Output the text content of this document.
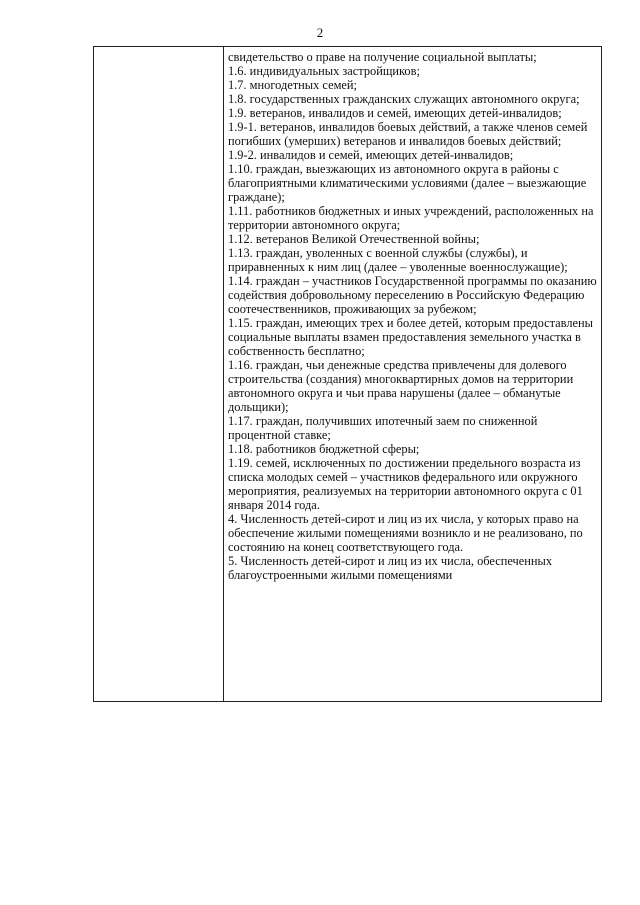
2

свидетельство о праве на получение социальной выплаты;

1.6. индивидуальных застройщиков;

1.7. многодетных семей;

1.8. государственных гражданских служащих автономного округа;

1.9. ветеранов, инвалидов и семей, имеющих детей-инвалидов;

1.9-1. ветеранов, инвалидов боевых действий, а также членов семей погибших (умерших) ветеранов и инвалидов боевых действий;

1.9-2. инвалидов и семей, имеющих детей-инвалидов;

1.10. граждан, выезжающих из автономного округа в районы с благоприятными климатическими условиями (далее – выезжающие граждане);

1.11. работников бюджетных и иных учреждений, расположенных на территории автономного округа;

1.12. ветеранов Великой Отечественной войны;

1.13. граждан, уволенных с военной службы (службы), и приравненных к ним лиц (далее – уволенные военнослужащие);

1.14. граждан – участников Государственной программы по оказанию содействия добровольному переселению в Российскую Федерацию соотечественников, проживающих за рубежом;

1.15. граждан, имеющих трех и более детей, которым предоставлены социальные выплаты взамен предоставления земельного участка в собственность бесплатно;

1.16. граждан, чьи денежные средства привлечены для долевого строительства (создания) многоквартирных домов на территории автономного округа и чьи права нарушены (далее – обманутые дольщики);

1.17. граждан, получивших ипотечный заем по сниженной процентной ставке;

1.18. работников бюджетной сферы;

1.19. семей, исключенных по достижении предельного возраста из списка молодых семей – участников федерального или окружного мероприятия, реализуемых на территории автономного округа с 01 января 2014 года.

4. Численность детей-сирот и лиц из их числа, у которых право на обеспечение жилыми помещениями возникло и не реализовано, по состоянию на конец соответствующего года.

5. Численность детей-сирот и лиц из их числа, обеспеченных благоустроенными жилыми помещениями
